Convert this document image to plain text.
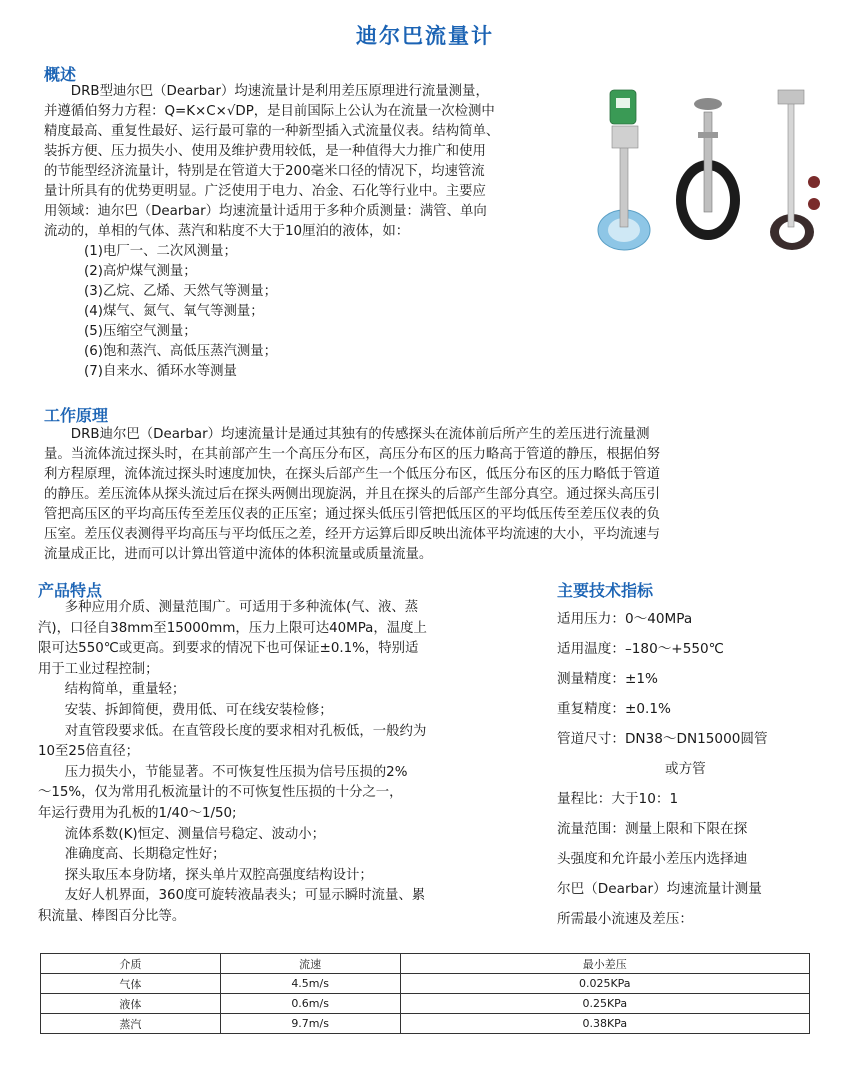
迪尔巴流量计
概述

DRB型迪尔巴（Dearbar）均速流量计是利用差压原理进行流量测量，

并遵循伯努力方程：Q=K×C×√DP，是目前国际上公认为在流量一次检测中

精度最高、重复性最好、运行最可靠的一种新型插入式流量仪表。结构简单、

装拆方便、压力损失小、使用及维护费用较低，是一种值得大力推广和使用

的节能型经济流量计，特别是在管道大于200毫米口径的情况下，均速管流

量计所具有的优势更明显。广泛使用于电力、冶金、石化等行业中。主要应

用领域：迪尔巴（Dearbar）均速流量计适用于多种介质测量：满管、单向

流动的，单相的气体、蒸汽和粘度不大于10厘泊的液体，如：

(1)电厂一、二次风测量；

(2)高炉煤气测量；

(3)乙烷、乙烯、天然气等测量；

(4)煤气、氮气、氧气等测量；

(5)压缩空气测量；

(6)饱和蒸汽、高低压蒸汽测量；

(7)自来水、循环水等测量

工作原理

DRB迪尔巴（Dearbar）均速流量计是通过其独有的传感探头在流体前后所产生的差压进行流量测

量。当流体流过探头时，在其前部产生一个高压分布区，高压分布区的压力略高于管道的静压，根据伯努

利方程原理，流体流过探头时速度加快，在探头后部产生一个低压分布区，低压分布区的压力略低于管道

的静压。差压流体从探头流过后在探头两侧出现旋涡，并且在探头的后部产生部分真空。通过探头高压引

管把高压区的平均高压传至差压仪表的正压室；通过探头低压引管把低压区的平均低压传至差压仪表的负

压室。差压仪表测得平均高压与平均低压之差，经开方运算后即反映出流体平均流速的大小，平均流速与

流量成正比，进而可以计算出管道中流体的体积流量或质量流量。

产品特点

多种应用介质、测量范围广。可适用于多种流体(气、液、蒸

汽)，口径自38mm至15000mm，压力上限可达40MPa，温度上

限可达550℃或更高。到要求的情况下也可保证±0.1%，特别适

用于工业过程控制；

结构简单，重量轻；

安装、拆卸简便，费用低、可在线安装检修；

对直管段要求低。在直管段长度的要求相对孔板低，一般约为

10至25倍直径；

压力损失小，节能显著。不可恢复性压损为信号压损的2%

～15%，仅为常用孔板流量计的不可恢复性压损的十分之一，

年运行费用为孔板的1/40～1/50;

流体系数(K)恒定、测量信号稳定、波动小；

准确度高、长期稳定性好；

探头取压本身防堵，探头单片双腔高强度结构设计；

友好人机界面，360度可旋转液晶表头；可显示瞬时流量、累

积流量、棒图百分比等。

主要技术指标
适用压力：0～40MPa
适用温度：–180～+550℃
测量精度：±1%
重复精度：±0.1%
管道尺寸：DN38～DN15000圆管
或方管
量程比：大于10：1
流量范围：测量上限和下限在探
头强度和允许最小差压内选择迪
尔巴（Dearbar）均速流量计测量
所需最小流速及差压：
介质	流速	最小差压
气体	4.5m/s	0.025KPa
液体	0.6m/s	0.25KPa
蒸汽	9.7m/s	0.38KPa
